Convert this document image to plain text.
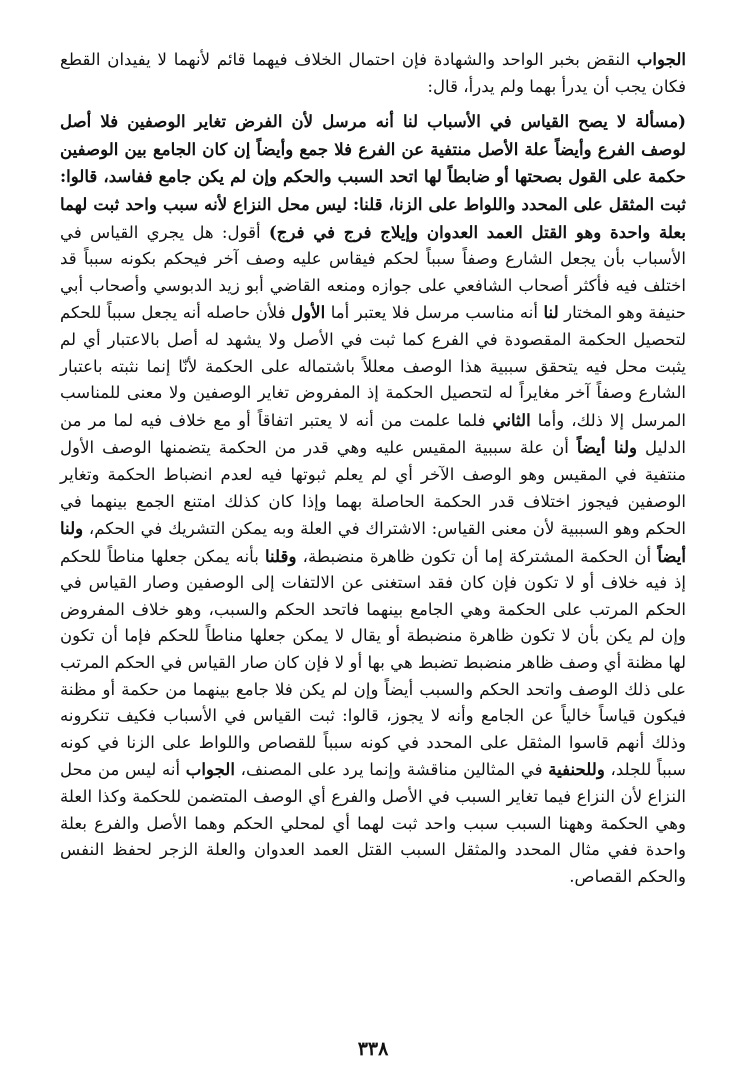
الجواب النقض بخبر الواحد والشهادة فإن احتمال الخلاف فيهما قائم لأنهما لا يفيدان القطع فكان يجب أن يدرأ بهما ولم يدرأ، قال:

(مسألة لا يصح القياس في الأسباب لنا أنه مرسل لأن الفرض تغاير الوصفين فلا أصل لوصف الفرع وأيضاً علة الأصل منتفية عن الفرع فلا جمع وأيضاً إن كان الجامع بين الوصفين حكمة على القول بصحتها أو ضابطاً لها اتحد السبب والحكم وإن لم يكن جامع ففاسد، قالوا: ثبت المثقل على المحدد واللواط على الزنا، قلنا: ليس محل النزاع لأنه سبب واحد ثبت لهما بعلة واحدة وهو القتل العمد العدوان وإيلاج فرج في فرج) أقول: هل يجري القياس في الأسباب بأن يجعل الشارع وصفاً سبباً لحكم فيقاس عليه وصف آخر فيحكم بكونه سبباً قد اختلف فيه فأكثر أصحاب الشافعي على جوازه ومنعه القاضي أبو زيد الدبوسي وأصحاب أبي حنيفة وهو المختار لنا أنه مناسب مرسل فلا يعتبر أما الأول فلأن حاصله أنه يجعل سبباً للحكم لتحصيل الحكمة المقصودة في الفرع كما ثبت في الأصل ولا يشهد له أصل بالاعتبار أي لم يثبت محل فيه يتحقق سببية هذا الوصف معللاً باشتماله على الحكمة لأنّا إنما نثبته باعتبار الشارع وصفاً آخر مغايراً له لتحصيل الحكمة إذ المفروض تغاير الوصفين ولا معنى للمناسب المرسل إلا ذلك، وأما الثاني فلما علمت من أنه لا يعتبر اتفاقاً أو مع خلاف فيه لما مر من الدليل ولنا أيضاً أن علة سببية المقيس عليه وهي قدر من الحكمة يتضمنها الوصف الأول منتفية في المقيس وهو الوصف الآخر أي لم يعلم ثبوتها فيه لعدم انضباط الحكمة وتغاير الوصفين فيجوز اختلاف قدر الحكمة الحاصلة بهما وإذا كان كذلك امتنع الجمع بينهما في الحكم وهو السببية لأن معنى القياس: الاشتراك في العلة وبه يمكن التشريك في الحكم، ولنا أيضاً أن الحكمة المشتركة إما أن تكون ظاهرة منضبطة، وقلنا بأنه يمكن جعلها مناطاً للحكم إذ فيه خلاف أو لا تكون فإن كان فقد استغنى عن الالتفات إلى الوصفين وصار القياس في الحكم المرتب على الحكمة وهي الجامع بينهما فاتحد الحكم والسبب، وهو خلاف المفروض وإن لم يكن بأن لا تكون ظاهرة منضبطة أو يقال لا يمكن جعلها مناطاً للحكم فإما أن تكون لها مظنة أي وصف ظاهر منضبط تضبط هي بها أو لا فإن كان صار القياس في الحكم المرتب على ذلك الوصف واتحد الحكم والسبب أيضاً وإن لم يكن فلا جامع بينهما من حكمة أو مظنة فيكون قياساً خالياً عن الجامع وأنه لا يجوز، قالوا: ثبت القياس في الأسباب فكيف تنكرونه وذلك أنهم قاسوا المثقل على المحدد في كونه سبباً للقصاص واللواط على الزنا في كونه سبباً للجلد، وللحنفية في المثالين مناقشة وإنما يرد على المصنف، الجواب أنه ليس من محل النزاع لأن النزاع فيما تغاير السبب في الأصل والفرع أي الوصف المتضمن للحكمة وكذا العلة وهي الحكمة وههنا السبب سبب واحد ثبت لهما أي لمحلي الحكم وهما الأصل والفرع بعلة واحدة ففي مثال المحدد والمثقل السبب القتل العمد العدوان والعلة الزجر لحفظ النفس والحكم القصاص.

٣٣٨
